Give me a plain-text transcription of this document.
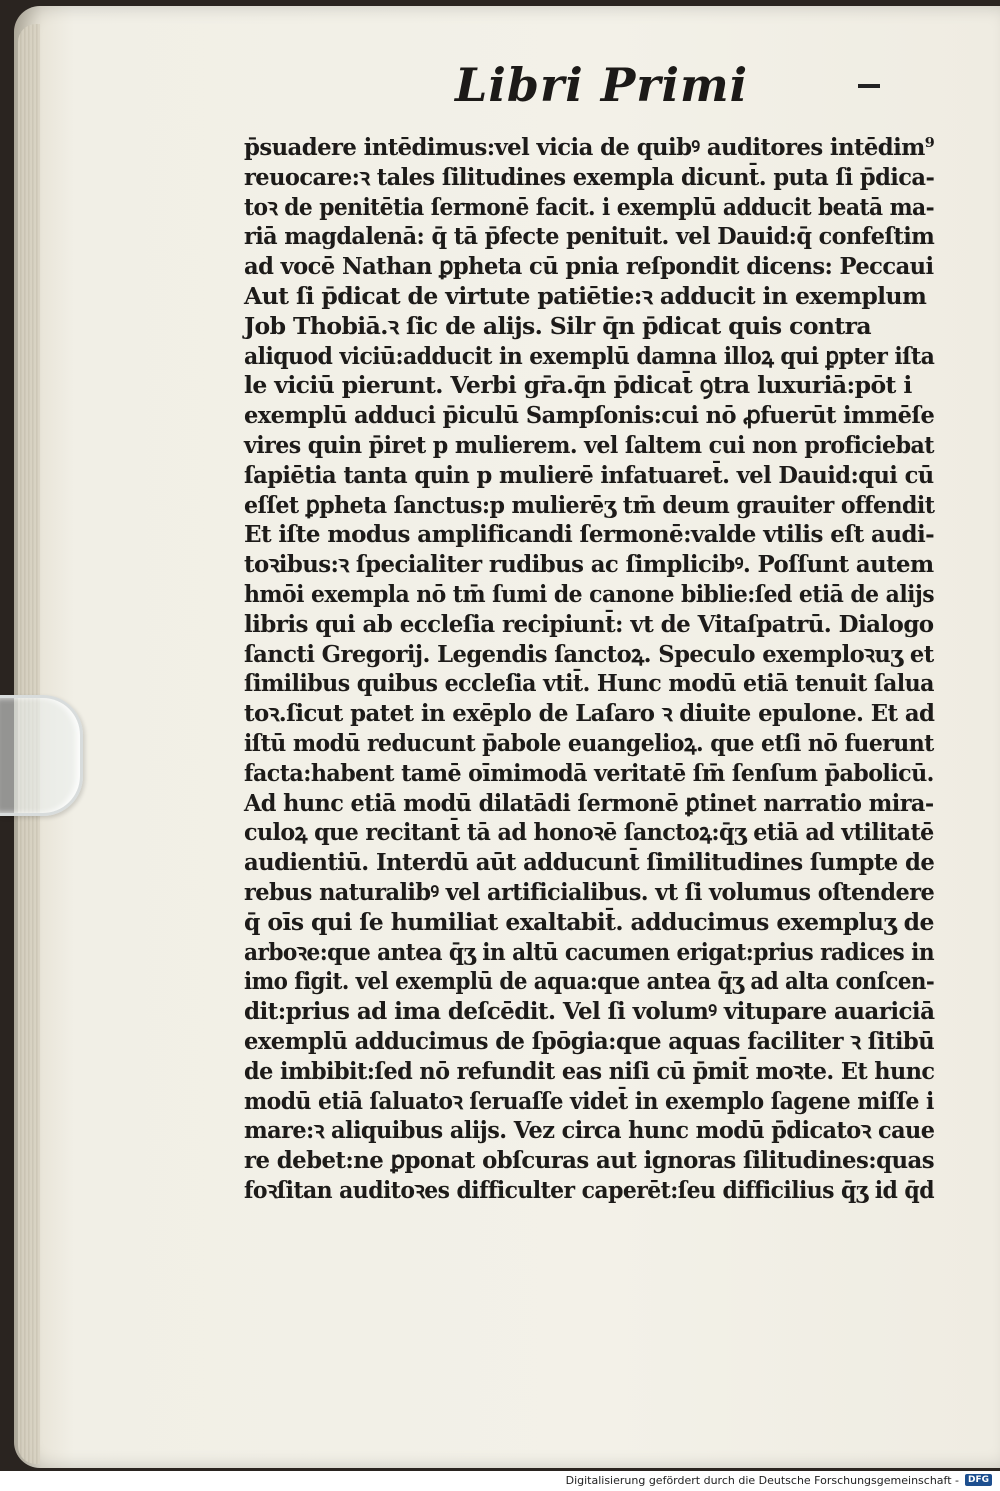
Libri Primi
p̄suadere intēdimus:vel vicia de quibꝰ auditores intēdim⁹
reuocare:ꝛ tales ſilitudines exempla dicunt̄. puta ſi p̄dica-
toꝛ de penitētia ſermonē facit. i exemplū adducit beatā ma-
riā magdalenā: q̄ tā p̄fecte penituit. vel Dauid:q̄ confeſtim
ad vocē Nathan ꝑpheta cū pnia reſpondit dicens: Peccaui
Aut ſi p̄dicat de virtute patiētie:ꝛ adducit in exemplum
Job Thobiā.ꝛ ſic de alijs. Silr q̄n p̄dicat quis contra
aliquod viciū:adducit in exemplū damna illoꝝ qui ꝑpter iſta
le viciū pierunt. Verbi gr̄a.q̄n p̄dicat̄ ꝯtra luxuriā:pōt i
exemplū adduci p̄iculū Sampſonis:cui nō ꝓfuerūt immēſe
vires quin p̄iret p mulierem. vel ſaltem cui non proficiebat
ſapiētia tanta quin p mulierē infatuaret̄. vel Dauid:qui cū
eſſet ꝑpheta ſanctus:p mulierēʒ tm̄ deum grauiter offendit
Et iſte modus amplificandi ſermonē:valde vtilis eſt audi-
toꝛibus:ꝛ ſpecialiter rudibus ac ſimplicibꝰ. Poſſunt autem
hmōi exempla nō tm̄ ſumi de canone biblie:ſed etiā de alijs
libris qui ab eccleſia recipiunt̄: vt de Vitaſpatrū. Dialogo
ſancti Gregorij. Legendis ſanctoꝝ. Speculo exemploꝛuʒ et
ſimilibus quibus eccleſia vtit̄. Hunc modū etiā tenuit ſalua
toꝛ.ſicut patet in exēplo de Laſaro ꝛ diuite epulone. Et ad
iſtū modū reducunt p̄abole euangelioꝝ. que etſi nō fuerunt
facta:habent tamē oīmimodā veritatē ſm̄ ſenſum p̄abolicū.
Ad hunc etiā modū dilatādi ſermonē ꝑtinet narratio mira-
culoꝝ que recitant̄ tā ad honoꝛē ſanctoꝝ:q̄ʒ etiā ad vtilitatē
audientiū. Interdū aūt adducunt̄ ſimilitudines ſumpte de
rebus naturalibꝰ vel artificialibus. vt ſi volumus oſtendere
q̄ oīs qui ſe humiliat exaltabit̄. adducimus exempluʒ de
arboꝛe:que antea q̄ʒ in altū cacumen erigat:prius radices in
imo figit. vel exemplū de aqua:que antea q̄ʒ ad alta conſcen-
dit:prius ad ima deſcēdit. Vel ſi volumꝰ vitupare auariciā
exemplū adducimus de ſpōgia:que aquas faciliter ꝛ ſitibū
de imbibit:ſed nō refundit eas niſi cū p̄mit̄ moꝛte. Et hunc
modū etiā ſaluatoꝛ ſeruaſſe videt̄ in exemplo ſagene miſſe i
mare:ꝛ aliquibus alijs. Vez circa hunc modū p̄dicatoꝛ caue
re debet:ne ꝑponat obſcuras aut ignoras ſilitudines:quas
foꝛſitan auditoꝛes difficulter caperēt:ſeu difficilius q̄ʒ id q̄d
Digitalisierung gefördert durch die Deutsche Forschungsgemeinschaft -	DFG
